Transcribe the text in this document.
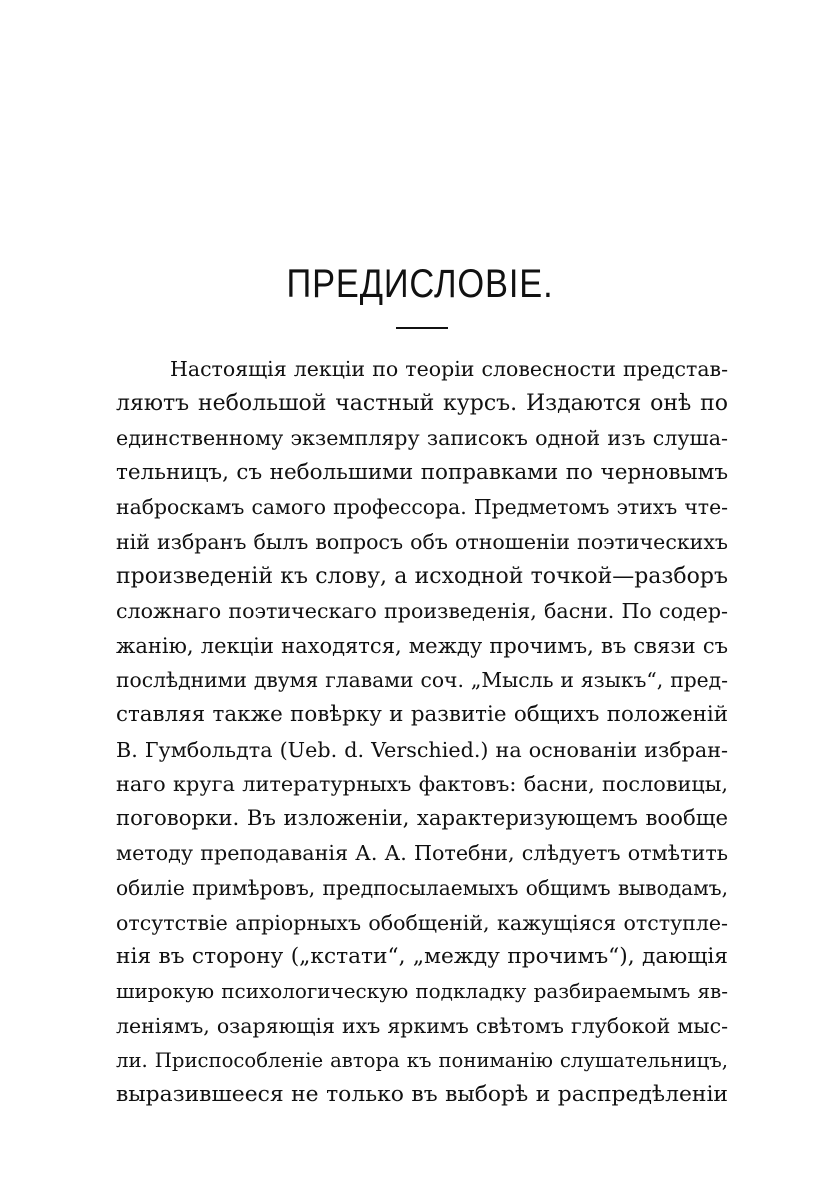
ПРЕДИСЛОВІЕ.
Настоящія лекціи по теоріи словесности представ-
ляютъ небольшой частный курсъ. Издаются онѣ по
единственному экземпляру записокъ одной изъ слуша-
тельницъ, съ небольшими поправками по черновымъ
наброскамъ самого профессора. Предметомъ этихъ чте-
ній избранъ былъ вопросъ объ отношеніи поэтическихъ
произведеній къ слову, а исходной точкой—разборъ
сложнаго поэтическаго произведенія, басни. По содер-
жанію, лекціи находятся, между прочимъ, въ связи съ
послѣдними двумя главами соч. „Мысль и языкъ“, пред-
ставляя также повѣрку и развитіе общихъ положеній
В. Гумбольдта (Ueb. d. Verschied.) на основаніи избран-
наго круга литературныхъ фактовъ: басни, пословицы,
поговорки. Въ изложеніи, характеризующемъ вообще
методу преподаванія А. А. Потебни, слѣдуетъ отмѣтить
обиліе примѣровъ, предпосылаемыхъ общимъ выводамъ,
отсутствіе апріорныхъ обобщеній, кажущіяся отступле-
нія въ сторону („кстати“, „между прочимъ“), дающія
широкую психологическую подкладку разбираемымъ яв-
леніямъ, озаряющія ихъ яркимъ свѣтомъ глубокой мыс-
ли. Приспособленіе автора къ пониманію слушательницъ,
выразившееся не только въ выборѣ и распредѣленіи
